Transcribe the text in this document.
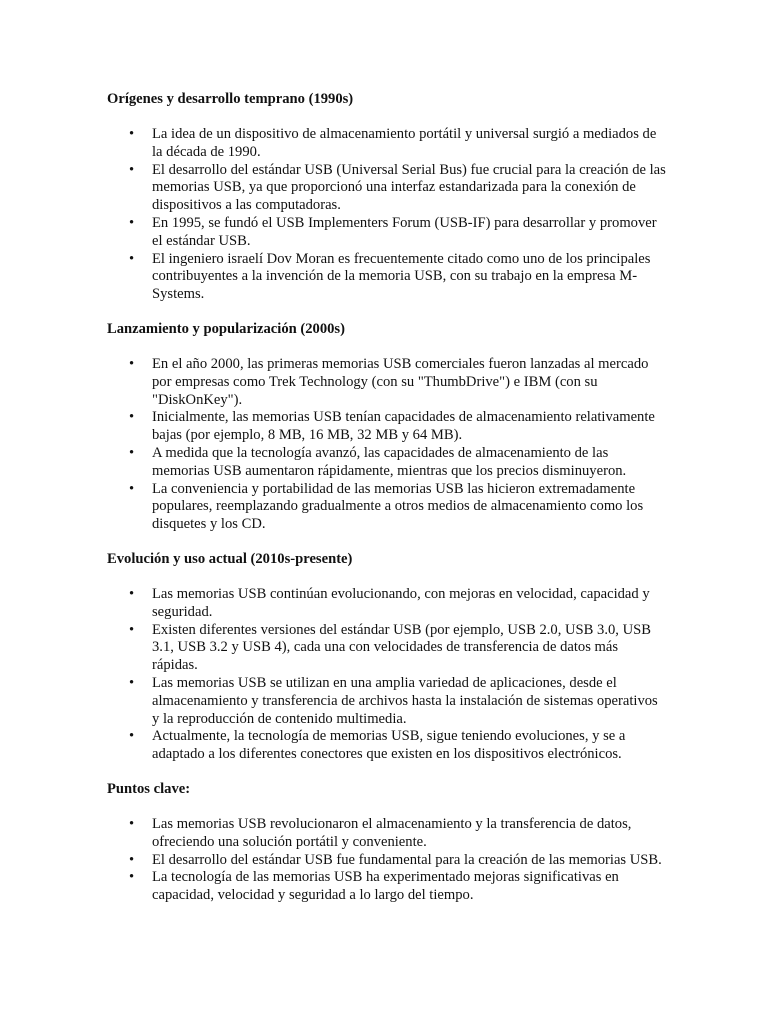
Orígenes y desarrollo temprano (1990s)

• La idea de un dispositivo de almacenamiento portátil y universal surgió a mediados de la década de 1990.
• El desarrollo del estándar USB (Universal Serial Bus) fue crucial para la creación de las memorias USB, ya que proporcionó una interfaz estandarizada para la conexión de dispositivos a las computadoras.
• En 1995, se fundó el USB Implementers Forum (USB-IF) para desarrollar y promover el estándar USB.
• El ingeniero israelí Dov Moran es frecuentemente citado como uno de los principales contribuyentes a la invención de la memoria USB, con su trabajo en la empresa M-Systems.

Lanzamiento y popularización (2000s)

• En el año 2000, las primeras memorias USB comerciales fueron lanzadas al mercado por empresas como Trek Technology (con su "ThumbDrive") e IBM (con su "DiskOnKey").
• Inicialmente, las memorias USB tenían capacidades de almacenamiento relativamente bajas (por ejemplo, 8 MB, 16 MB, 32 MB y 64 MB).
• A medida que la tecnología avanzó, las capacidades de almacenamiento de las memorias USB aumentaron rápidamente, mientras que los precios disminuyeron.
• La conveniencia y portabilidad de las memorias USB las hicieron extremadamente populares, reemplazando gradualmente a otros medios de almacenamiento como los disquetes y los CD.

Evolución y uso actual (2010s-presente)

• Las memorias USB continúan evolucionando, con mejoras en velocidad, capacidad y seguridad.
• Existen diferentes versiones del estándar USB (por ejemplo, USB 2.0, USB 3.0, USB 3.1, USB 3.2 y USB 4), cada una con velocidades de transferencia de datos más rápidas.
• Las memorias USB se utilizan en una amplia variedad de aplicaciones, desde el almacenamiento y transferencia de archivos hasta la instalación de sistemas operativos y la reproducción de contenido multimedia.
• Actualmente, la tecnología de memorias USB, sigue teniendo evoluciones, y se a adaptado a los diferentes conectores que existen en los dispositivos electrónicos.

Puntos clave:

• Las memorias USB revolucionaron el almacenamiento y la transferencia de datos, ofreciendo una solución portátil y conveniente.
• El desarrollo del estándar USB fue fundamental para la creación de las memorias USB.
• La tecnología de las memorias USB ha experimentado mejoras significativas en capacidad, velocidad y seguridad a lo largo del tiempo.
